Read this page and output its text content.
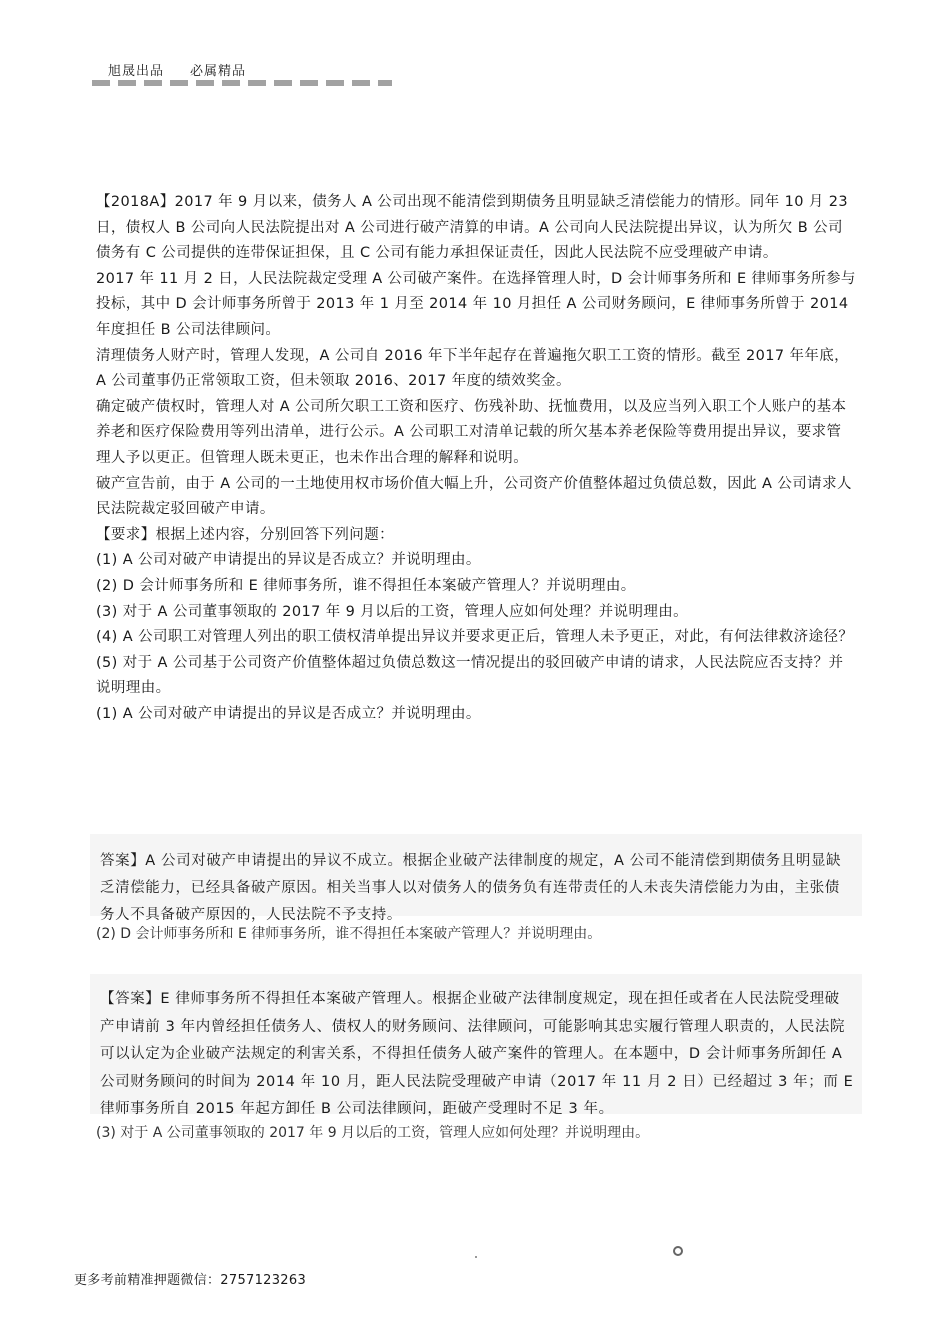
旭晟出品 必属精品

【2018A】2017 年 9 月以来，债务人 A 公司出现不能清偿到期债务且明显缺乏清偿能力的情形。同年 10 月 23 日，债权人 B 公司向人民法院提出对 A 公司进行破产清算的申请。A 公司向人民法院提出异议，认为所欠 B 公司债务有 C 公司提供的连带保证担保，且 C 公司有能力承担保证责任，因此人民法院不应受理破产申请。

2017 年 11 月 2 日，人民法院裁定受理 A 公司破产案件。在选择管理人时，D 会计师事务所和 E 律师事务所参与投标，其中 D 会计师事务所曾于 2013 年 1 月至 2014 年 10 月担任 A 公司财务顾问，E 律师事务所曾于 2014 年度担任 B 公司法律顾问。

清理债务人财产时，管理人发现，A 公司自 2016 年下半年起存在普遍拖欠职工工资的情形。截至 2017 年年底，A 公司董事仍正常领取工资，但未领取 2016、2017 年度的绩效奖金。

确定破产债权时，管理人对 A 公司所欠职工工资和医疗、伤残补助、抚恤费用，以及应当列入职工个人账户的基本养老和医疗保险费用等列出清单，进行公示。A 公司职工对清单记载的所欠基本养老保险等费用提出异议，要求管理人予以更正。但管理人既未更正，也未作出合理的解释和说明。

破产宣告前，由于 A 公司的一土地使用权市场价值大幅上升，公司资产价值整体超过负债总数，因此 A 公司请求人民法院裁定驳回破产申请。

【要求】根据上述内容，分别回答下列问题：

(1) A 公司对破产申请提出的异议是否成立？并说明理由。

(2) D 会计师事务所和 E 律师事务所，谁不得担任本案破产管理人？并说明理由。

(3) 对于 A 公司董事领取的 2017 年 9 月以后的工资，管理人应如何处理？并说明理由。

(4) A 公司职工对管理人列出的职工债权清单提出异议并要求更正后，管理人未予更正，对此，有何法律救济途径？

(5) 对于 A 公司基于公司资产价值整体超过负债总数这一情况提出的驳回破产申请的请求，人民法院应否支持？并说明理由。

(1) A 公司对破产申请提出的异议是否成立？并说明理由。

答案】A 公司对破产申请提出的异议不成立。根据企业破产法律制度的规定，A 公司不能清偿到期债务且明显缺乏清偿能力，已经具备破产原因。相关当事人以对债务人的债务负有连带责任的人未丧失清偿能力为由，主张债务人不具备破产原因的，人民法院不予支持。

(2) D 会计师事务所和 E 律师事务所，谁不得担任本案破产管理人？并说明理由。

【答案】E 律师事务所不得担任本案破产管理人。根据企业破产法律制度规定，现在担任或者在人民法院受理破产申请前 3 年内曾经担任债务人、债权人的财务顾问、法律顾问，可能影响其忠实履行管理人职责的，人民法院可以认定为企业破产法规定的利害关系，不得担任债务人破产案件的管理人。在本题中，D 会计师事务所卸任 A 公司财务顾问的时间为 2014 年 10 月，距人民法院受理破产申请（2017 年 11 月 2 日）已经超过 3 年；而 E 律师事务所自 2015 年起方卸任 B 公司法律顾问，距破产受理时不足 3 年。

(3) 对于 A 公司董事领取的 2017 年 9 月以后的工资，管理人应如何处理？并说明理由。
更多考前精准押题微信：2757123263
